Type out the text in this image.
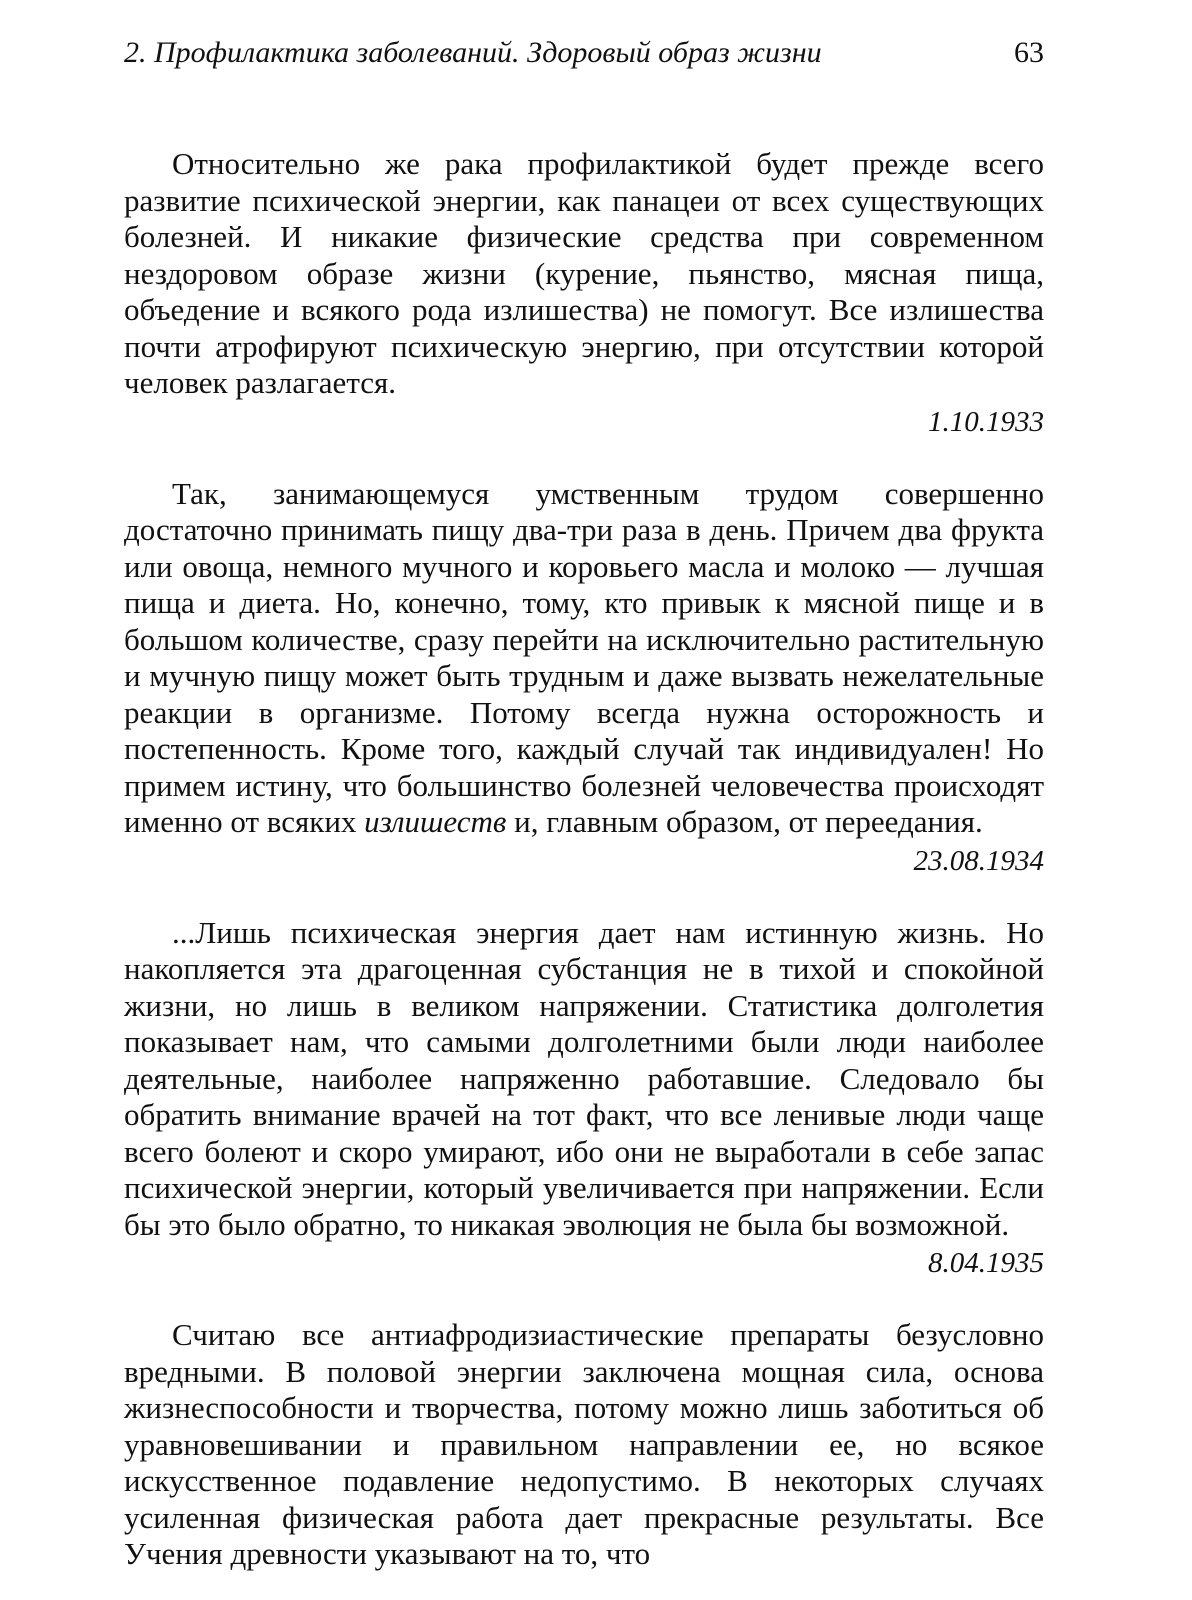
2. Профилактика заболеваний. Здоровый образ жизни	63

Относительно же рака профилактикой будет прежде всего развитие психической энергии, как панацеи от всех существующих болезней. И никакие физические средства при современном нездоровом образе жизни (курение, пьянство, мясная пища, объедение и всякого рода излишества) не помогут. Все излишества почти атрофируют психическую энергию, при отсутствии которой человек разлагается.

1.10.1933

Так, занимающемуся умственным трудом совершенно достаточно принимать пищу два-три раза в день. Причем два фрукта или овоща, немного мучного и коровьего масла и молоко — лучшая пища и диета. Но, конечно, тому, кто привык к мясной пище и в большом количестве, сразу перейти на исключительно растительную и мучную пищу может быть трудным и даже вызвать нежелательные реакции в организме. Потому всегда нужна осторожность и постепенность. Кроме того, каждый случай так индивидуален! Но примем истину, что большинство болезней человечества происходят именно от всяких излишеств и, главным образом, от переедания.

23.08.1934

...Лишь психическая энергия дает нам истинную жизнь. Но накопляется эта драгоценная субстанция не в тихой и спокойной жизни, но лишь в великом напряжении. Статистика долголетия показывает нам, что самыми долголетними были люди наиболее деятельные, наиболее напряженно работавшие. Следовало бы обратить внимание врачей на тот факт, что все ленивые люди чаще всего болеют и скоро умирают, ибо они не выработали в себе запас психической энергии, который увеличивается при напряжении. Если бы это было обратно, то никакая эволюция не была бы возможной.

8.04.1935

Считаю все антиафродизиастические препараты безусловно вредными. В половой энергии заключена мощная сила, основа жизнеспособности и творчества, потому можно лишь заботиться об уравновешивании и правильном направлении ее, но всякое искусственное подавление недопустимо. В некоторых случаях усиленная физическая работа дает прекрасные результаты. Все Учения древности указывают на то, что
